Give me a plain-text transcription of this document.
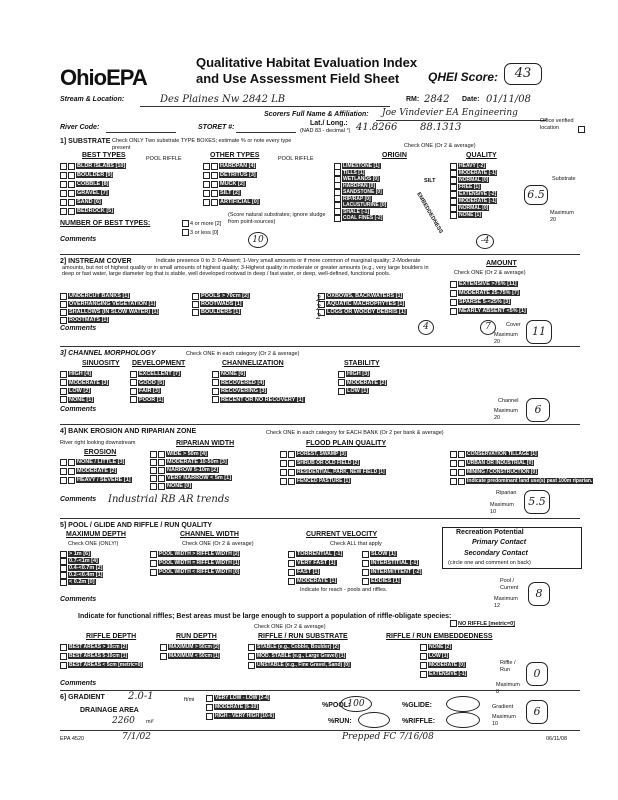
OhioEPA
Qualitative Habitat Evaluation Index
and Use Assessment Field Sheet QHEI Score:	43
Stream & Location:	Des Plaines Nw 2842 LB	RM: 2842 Date: 01/11/08
Scorers Full Name & Affiliation: Joe Vindevier EA Engineering
River Code:	STORET #:
Lat./ Long.:
(NAD 83 - decimal °) 41.8266 88.1313
Office verified location
1] SUBSTRATE Check ONLY Two substrate TYPE BOXES; estimate % or note every type present	Check ONE (Or 2 & average)
BEST TYPES	POOL RIFFLE	OTHER TYPES	POOL RIFFLE	ORIGIN	QUALITY
BLDR /SLABS [10]
BOULDER [9]
COBBLE [8]
GRAVEL [7]
SAND [6]
BEDROCK [5]
HARDPAN [4]
DETRITUS [3]
MUCK [2]
SILT [2]
ARTIFICIAL [0]
LIMESTONE [1]
TILLS [1]
WETLANDS [0]
HARDPAN [0]
SANDSTONE [0]
RIP/RAP [0]
LACUSTURINE [0]
SHALE [-1]
COAL FINES [-2]
HEAVY [-2]
MODERATE [-1]
NORMAL [0]
FREE [1]
EXTENSIVE [-2]
MODERATE [-1]
NORMAL [0]
NONE [1]
SILT
EMBEDDEDNESS
NUMBER OF BEST TYPES:	4 or more [2]
3 or less [0]
(Score natural substrates; ignore sludge from point-sources)
Comments	10	-4
Substrate
6.5
Maximum 20
2] INSTREAM COVER	Indicate presence 0 to 3: 0-Absent; 1-Very small amounts or if more common of marginal quality; 2-Moderate amounts, but not of highest quality or in small amounts of highest quality; 3-Highest quality in moderate or greater amounts (e.g., very large boulders in deep or fast water, large diameter log that is stable, well developed rootwad in deep / fast water, or deep, well-defined, functional pools.
AMOUNT
Check ONE (Or 2 & average)
UNDERCUT BANKS [1]
OVERHANGING VEGETATION [1]
SHALLOWS (IN SLOW WATER) [1]
ROOTMATS [1]
POOLS > 70cm [2]
ROOTWADS [1]
BOULDERS [1]
OXBOWS, BACKWATERS [1]
AQUATIC MACROPHYTES [1]
LOGS OR WOODY DEBRIS [1]
EXTENSIVE >75% [11]
MODERATE 25-75% [7]
SPARSE 5-<25% [3]
NEARLY ABSENT <5% [1]
2
2
2
Comments	4	7	Cover
Maximum 20
11
3] CHANNEL MORPHOLOGY	Check ONE in each category (Or 2 & average)
SINUOSITY DEVELOPMENT	CHANNELIZATION	STABILITY
HIGH [4]
MODERATE [3]
LOW [2]
NONE [1]
EXCELLENT [7]
GOOD [5]
FAIR [3]
POOR [1]
NONE [6]
RECOVERED [4]
RECOVERING [3]
RECENT OR NO RECOVERY [1]
HIGH [3]
MODERATE [2]
LOW [1]
Comments
Channel
Maximum 20
6
4] BANK EROSION AND RIPARIAN ZONE	Check ONE in each category for EACH BANK (Or 2 per bank & average)
River right looking downstream
EROSION
RIPARIAN WIDTH	FLOOD PLAIN QUALITY
NONE / LITTLE [3]
MODERATE [2]
HEAVY / SEVERE [1]
WIDE > 50m [4]
MODERATE 10-50m [3]
NARROW 5-10m [2]
VERY NARROW < 5m [1]
NONE [0]
FOREST, SWAMP [3]
SHRUB OR OLD FIELD [2]
RESIDENTIAL, PARK, NEW FIELD [1]
FENCED PASTURE [1]
CONSERVATION TILLAGE [1]
URBAN OR INDUSTRIAL [0]
MINING / CONSTRUCTION [0]
Indicate predominant land use(s) past 100m riparian.
Comments Industrial RB AR trends
Riparian
Maximum 10
5.5
5] POOL / GLIDE AND RIFFLE / RUN QUALITY
MAXIMUM DEPTH	CHANNEL WIDTH	CURRENT VELOCITY
Check ONE (ONLY!)	Check ONE (Or 2 & average)	Check ALL that apply
> 1m [6]
0.7-<1m [4]
0.4-<0.7m [2]
0.2-<0.4m [1]
< 0.2m [0]
POOL WIDTH > RIFFLE WIDTH [2]
POOL WIDTH = RIFFLE WIDTH [1]
POOL WIDTH < RIFFLE WIDTH [0]
TORRENTIAL [-1]
VERY FAST [1]
FAST [1]
MODERATE [1]
SLOW [1]
INTERSTITIAL [-1]
INTERMITTENT [-2]
EDDIES [1]
Indicate for reach - pools and riffles.
Recreation Potential
Primary Contact
Secondary Contact
(circle one and comment on back)
Comments
Pool / Current
Maximum 12
8
Indicate for functional riffles; Best areas must be large enough to support a population of riffle-obligate species:
Check ONE (Or 2 & average)
NO RIFFLE [metric=0]
RIFFLE DEPTH	RUN DEPTH	RIFFLE / RUN SUBSTRATE	RIFFLE / RUN EMBEDDEDNESS
BEST AREAS > 10cm [2]
BEST AREAS 5-10cm [1]
BEST AREAS < 5cm [metric=0]
MAXIMUM > 50cm [2]
MAXIMUM < 50cm [1]
STABLE (e.g., Cobble, Boulder) [2]
MOD. STABLE (e.g., Large Gravel) [1]
UNSTABLE (e.g., Fine Gravel, Sand) [0]
NONE [2]
LOW [1]
MODERATE [0]
EXTENSIVE [-1]
Comments
Riffle / Run
Maximum 8
0
6] GRADIENT 2.0-1	ft/mi
DRAINAGE AREA
2260 mi²
VERY LOW - LOW [2-4]
MODERATE [6-10]
HIGH - VERY HIGH [10-6]
%POOL:
100	%GLIDE:
%RUN:	%RIFFLE:
Gradient
Maximum 10
6
EPA 4520	7/1/02	Prepped FC 7/16/08	06/11/08
